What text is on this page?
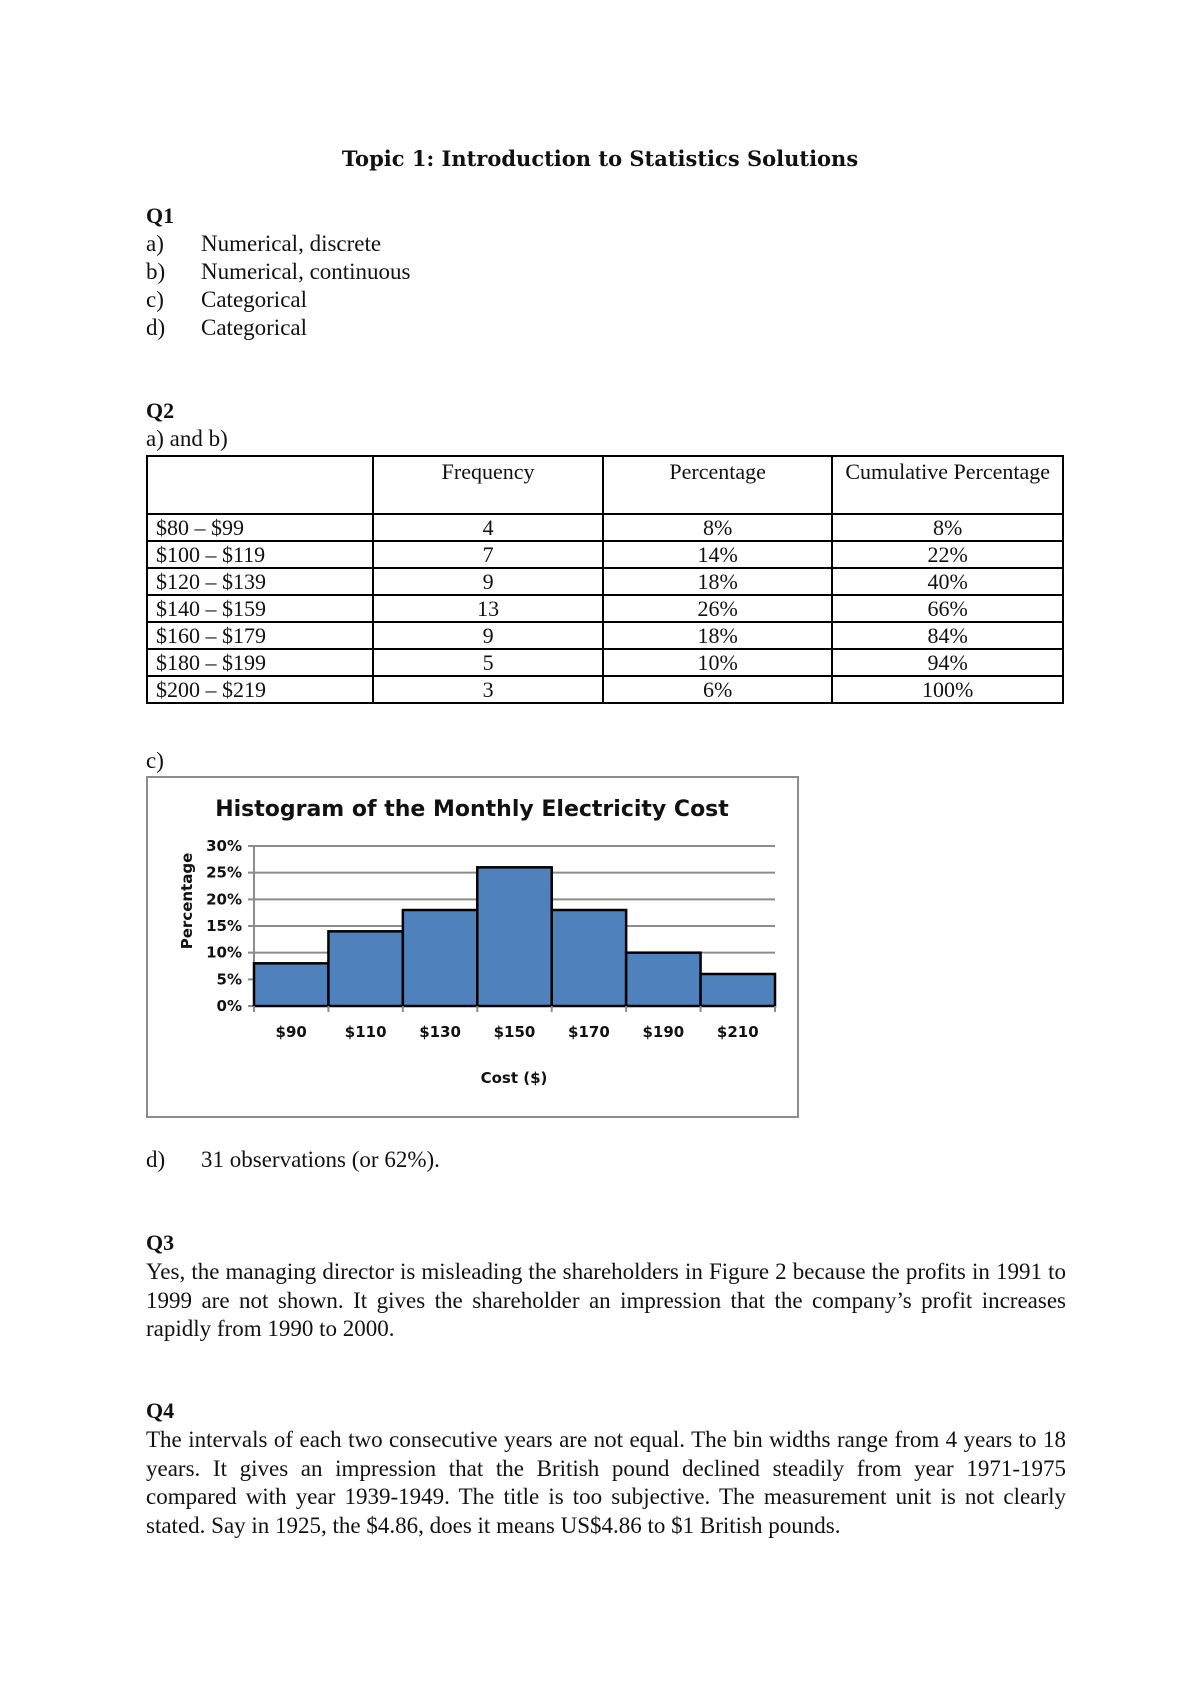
Topic 1: Introduction to Statistics Solutions
Q1
a) Numerical, discrete
b) Numerical, continuous
c) Categorical
d) Categorical
Q2
a) and b)
	Frequency	Percentage	Cumulative Percentage
$80 – $99	4	8%	8%
$100 – $119	7	14%	22%
$120 – $139	9	18%	40%
$140 – $159	13	26%	66%
$160 – $179	9	18%	84%
$180 – $199	5	10%	94%
$200 – $219	3	6%	100%
c)
Histogram of the Monthly Electricity Cost
0%
5%
10%
15%
20%
25%
30%
$90	$110 $130 $150 $170 $190 $210
Percentage
Cost ($)
d) 31 observations (or 62%).
Q3
Yes, the managing director is misleading the shareholders in Figure 2 because the profits in 1991 to 1999 are not shown. It gives the shareholder an impression that the company’s profit increases rapidly from 1990 to 2000.
Q4
The intervals of each two consecutive years are not equal. The bin widths range from 4 years to 18 years. It gives an impression that the British pound declined steadily from year 1971-1975 compared with year 1939-1949. The title is too subjective. The measurement unit is not clearly stated. Say in 1925, the $4.86, does it means US$4.86 to $1 British pounds.
